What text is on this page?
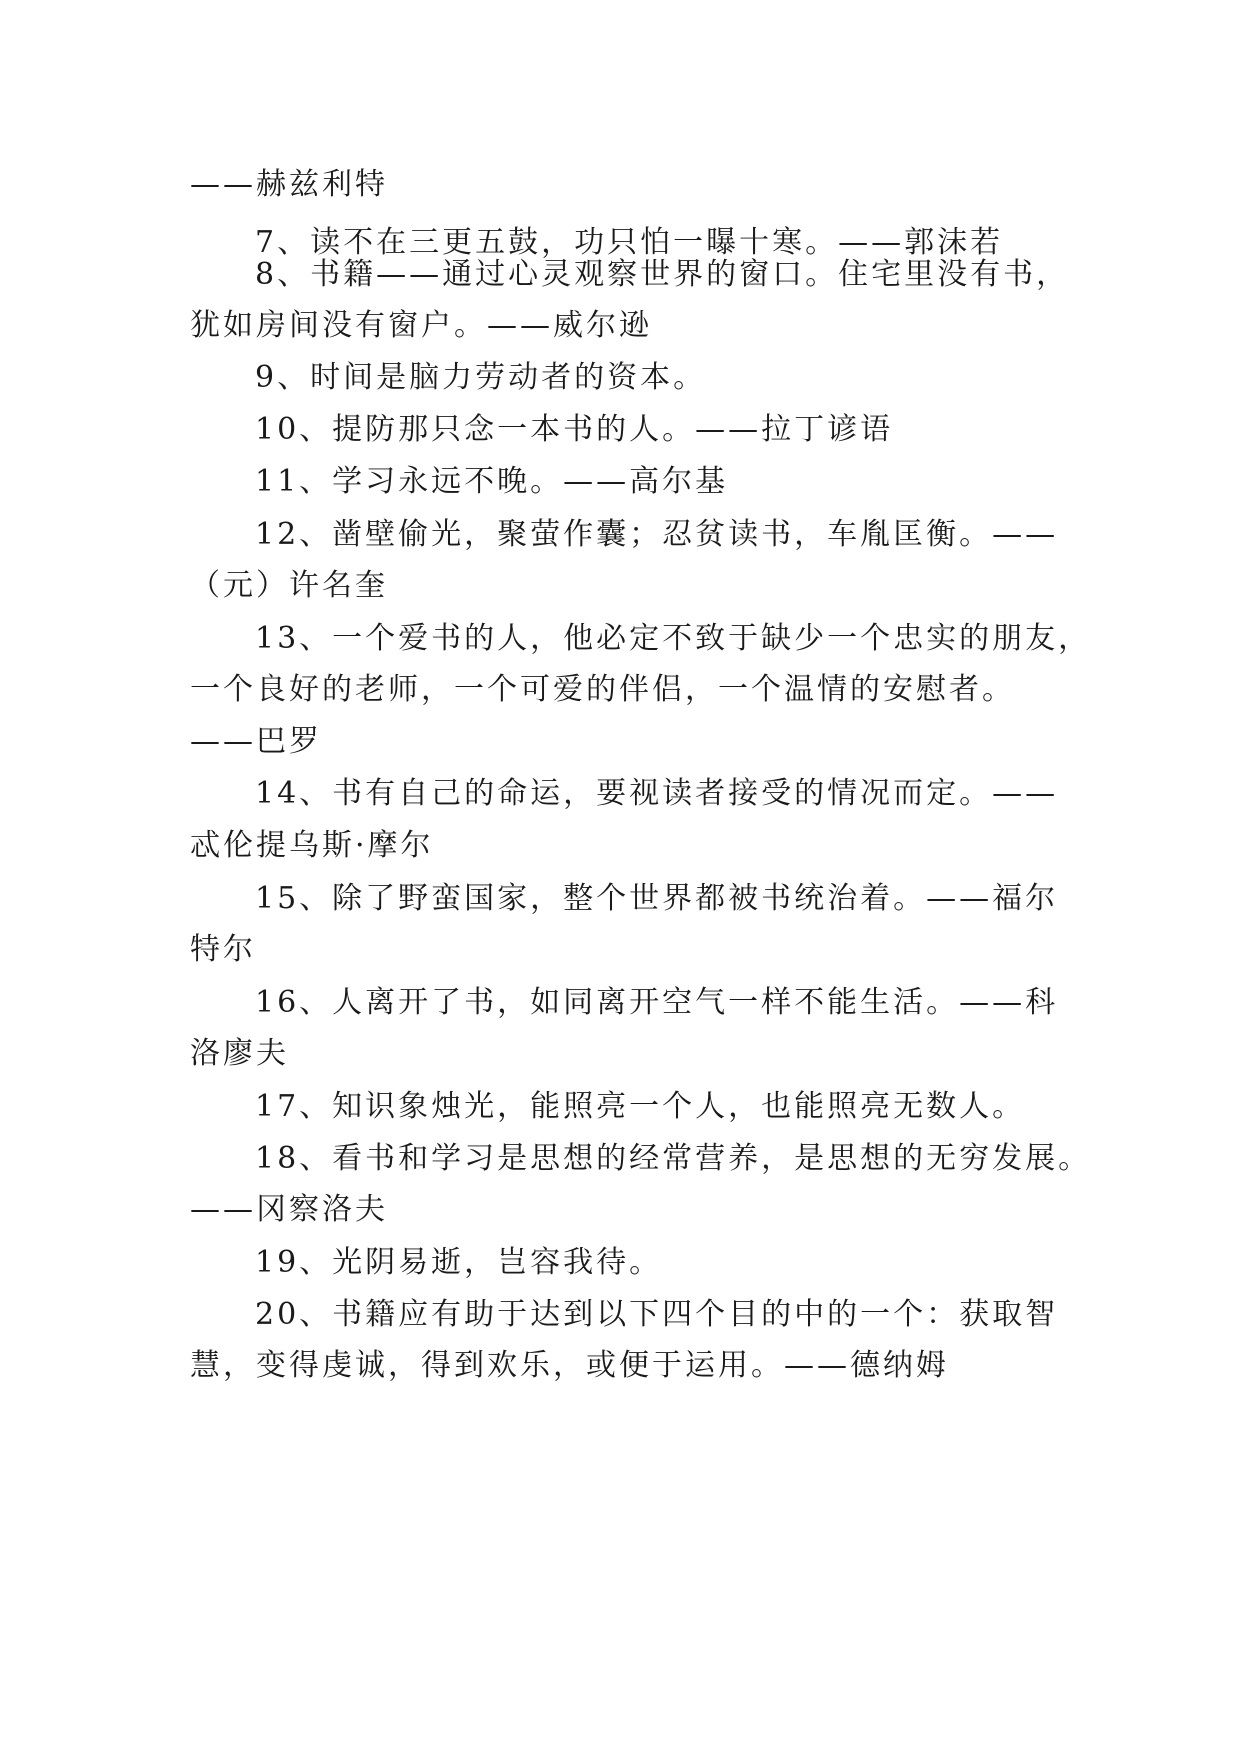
——赫兹利特
7、读不在三更五鼓，功只怕一曝十寒。——郭沫若
8、书籍——通过心灵观察世界的窗口。住宅里没有书，
犹如房间没有窗户。——威尔逊
9、时间是脑力劳动者的资本。
10、提防那只念一本书的人。——拉丁谚语
11、学习永远不晚。——高尔基
12、凿壁偷光，聚萤作囊；忍贫读书，车胤匡衡。——
（元）许名奎
13、一个爱书的人，他必定不致于缺少一个忠实的朋友，
一个良好的老师，一个可爱的伴侣，一个温情的安慰者。
——巴罗
14、书有自己的命运，要视读者接受的情况而定。——
忒伦提乌斯·摩尔
15、除了野蛮国家，整个世界都被书统治着。——福尔
特尔
16、人离开了书，如同离开空气一样不能生活。——科
洛廖夫
17、知识象烛光，能照亮一个人，也能照亮无数人。
18、看书和学习是思想的经常营养，是思想的无穷发展。
——冈察洛夫
19、光阴易逝，岂容我待。
20、书籍应有助于达到以下四个目的中的一个：获取智
慧，变得虔诚，得到欢乐，或便于运用。——德纳姆
